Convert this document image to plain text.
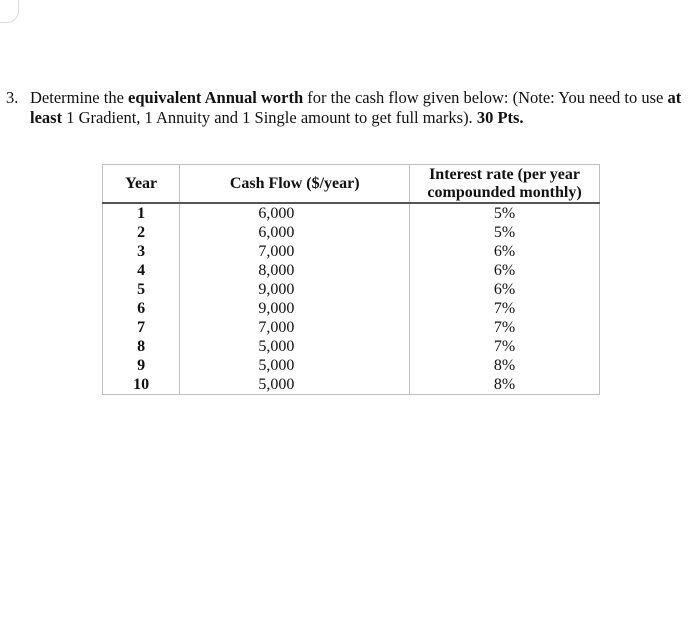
3. Determine the equivalent Annual worth for the cash flow given below: (Note: You need to use at
least 1 Gradient, 1 Annuity and 1 Single amount to get full marks). 30 Pts.
Year	Cash Flow ($/year)	Interest rate (per year
compounded monthly)
1	6,000	5%
2	6,000	5%
3	7,000	6%
4	8,000	6%
5	9,000	6%
6	9,000	7%
7	7,000	7%
8	5,000	7%
9	5,000	8%
10	5,000	8%
